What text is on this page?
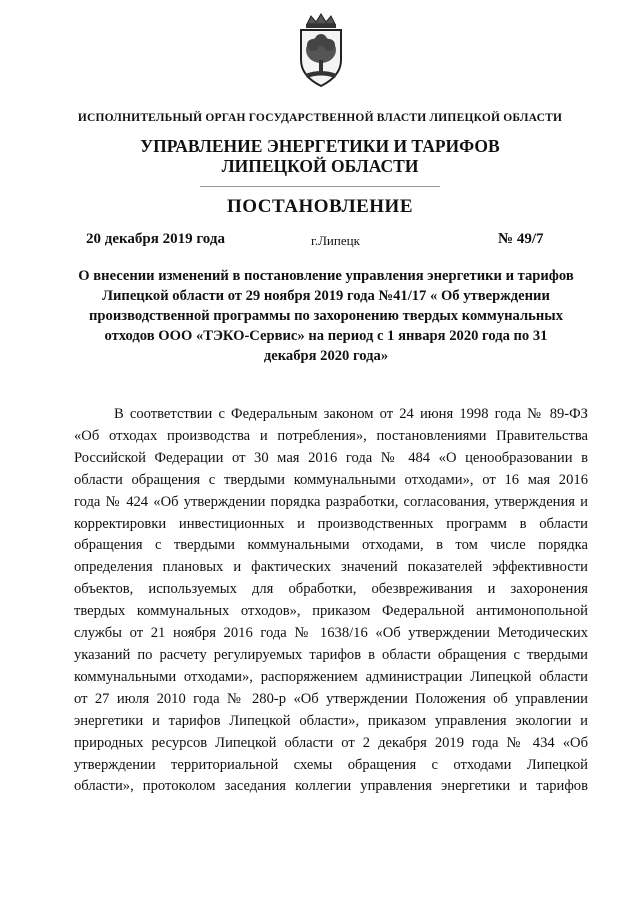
ИСПОЛНИТЕЛЬНЫЙ ОРГАН ГОСУДАРСТВЕННОЙ ВЛАСТИ ЛИПЕЦКОЙ ОБЛАСТИ
УПРАВЛЕНИЕ ЭНЕРГЕТИКИ И ТАРИФОВ
ЛИПЕЦКОЙ ОБЛАСТИ
ПОСТАНОВЛЕНИЕ
20 декабря 2019 года	г.Липецк	№ 49/7
О внесении изменений в постановление управления энергетики и тарифов
Липецкой области от 29 ноября 2019 года №41/17 « Об утверждении
производственной программы по захоронению твердых коммунальных
отходов ООО «ТЭКО-Сервис» на период с 1 января 2020 года по 31
декабря 2020 года»
В соответствии с Федеральным законом от 24 июня 1998 года № 89-ФЗ
«Об отходах производства и потребления», постановлениями Правительства
Российской Федерации от 30 мая 2016 года № 484 «О ценообразовании в
области обращения с твердыми коммунальными отходами», от 16 мая 2016
года № 424 «Об утверждении порядка разработки, согласования, утверждения и
корректировки инвестиционных и производственных программ в области
обращения с твердыми коммунальными отходами, в том числе порядка
определения плановых и фактических значений показателей эффективности
объектов, используемых для обработки, обезвреживания и захоронения
твердых коммунальных отходов», приказом Федеральной антимонопольной
службы от 21 ноября 2016 года № 1638/16 «Об утверждении Методических
указаний по расчету регулируемых тарифов в области обращения с твердыми
коммунальными отходами», распоряжением администрации Липецкой области
от 27 июля 2010 года № 280-р «Об утверждении Положения об управлении
энергетики и тарифов Липецкой области», приказом управления экологии и
природных ресурсов Липецкой области от 2 декабря 2019 года № 434 «Об
утверждении территориальной схемы обращения с отходами Липецкой
области», протоколом заседания коллегии управления энергетики и тарифов
